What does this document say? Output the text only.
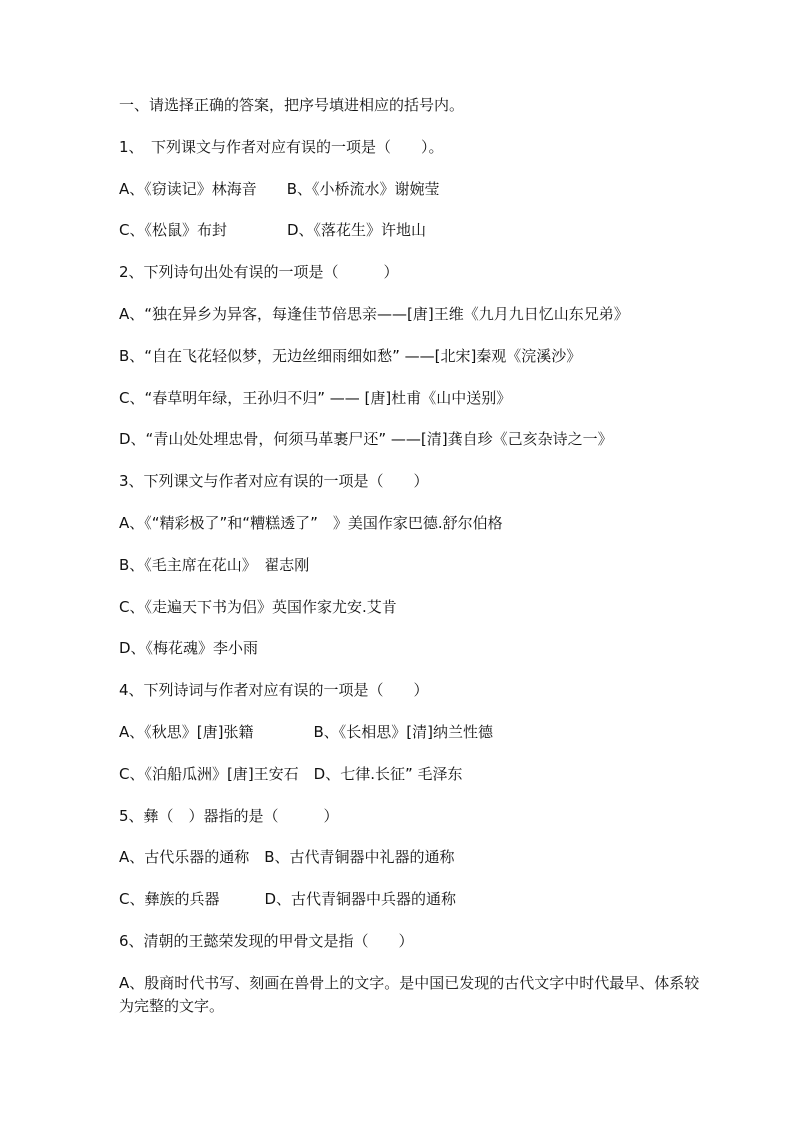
一、请选择正确的答案，把序号填进相应的括号内。

1、　下列课文与作者对应有误的一项是（　　）。

A、《窃读记》林海音　　B、《小桥流水》谢婉莹

C、《松鼠》布封　　　　D、《落花生》许地山

2、下列诗句出处有误的一项是（　　　）

A、“独在异乡为异客，每逢佳节倍思亲——[唐]王维《九月九日忆山东兄弟》

B、“自在飞花轻似梦，无边丝细雨细如愁” ——[北宋]秦观《浣溪沙》

C、“春草明年绿，王孙归不归” —— [唐]杜甫《山中送别》

D、“青山处处埋忠骨，何须马革裹尸还” ——[清]龚自珍《己亥杂诗之一》

3、下列课文与作者对应有误的一项是（　　）

A、《“精彩极了”和“糟糕透了”　》美国作家巴德.舒尔伯格

B、《毛主席在花山》　翟志刚

C、《走遍天下书为侣》英国作家尤安.艾肯

D、《梅花魂》李小雨

4、下列诗词与作者对应有误的一项是（　　）

A、《秋思》[唐]张籍　　　　B、《长相思》[清]纳兰性德

C、《泊船瓜洲》[唐]王安石　D、七律.长征” 毛泽东

5、彝（　）器指的是（　　　）

A、古代乐器的通称　B、古代青铜器中礼器的通称

C、彝族的兵器　　　D、古代青铜器中兵器的通称

6、清朝的王懿荣发现的甲骨文是指（　　）

A、殷商时代书写、刻画在兽骨上的文字。是中国已发现的古代文字中时代最早、体系较为完整的文字。
